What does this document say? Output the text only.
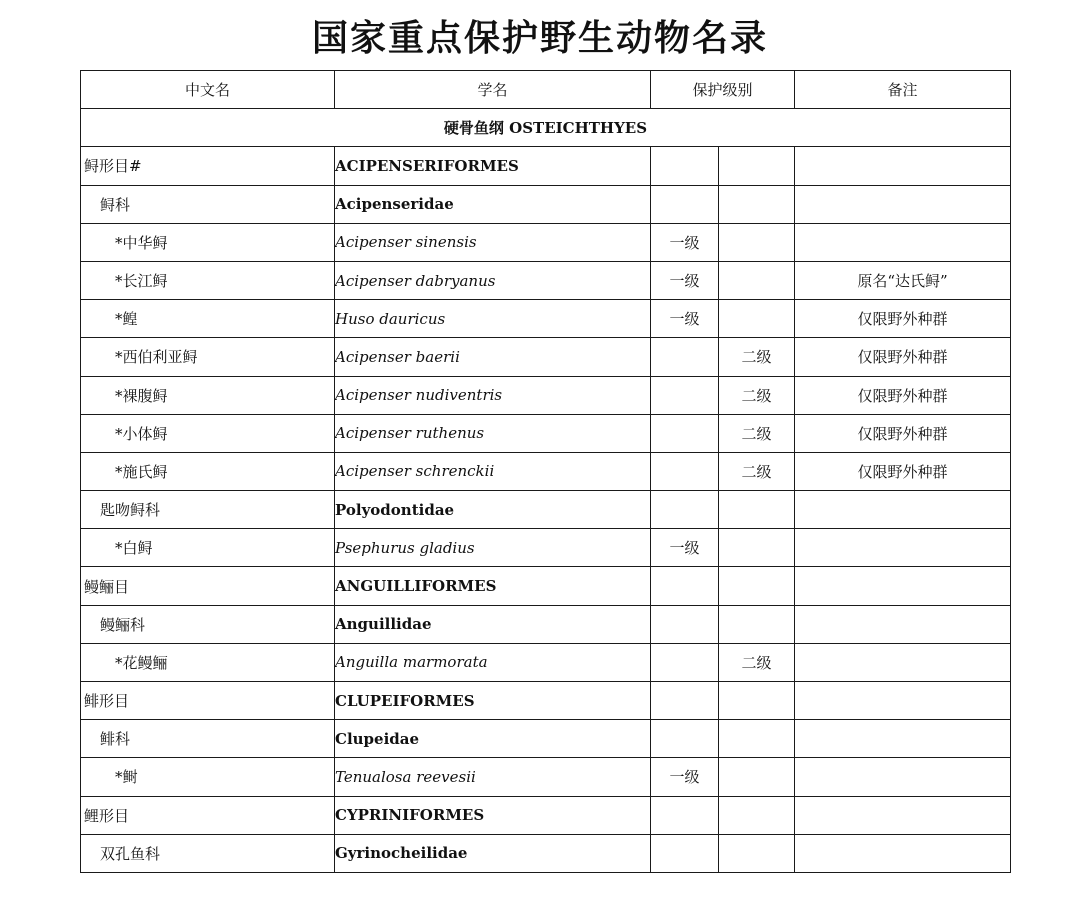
国家重点保护野生动物名录
中文名	学名	保护级别		备注
硬骨鱼纲 OSTEICHTHYES				
鲟形目#	ACIPENSERIFORMES			
鲟科	Acipenseridae			
*中华鲟	Acipenser sinensis	一级		
*长江鲟	Acipenser dabryanus	一级		原名“达氏鲟”
*鳇	Huso dauricus	一级		仅限野外种群
*西伯利亚鲟	Acipenser baerii		二级	仅限野外种群
*裸腹鲟	Acipenser nudiventris		二级	仅限野外种群
*小体鲟	Acipenser ruthenus		二级	仅限野外种群
*施氏鲟	Acipenser schrenckii		二级	仅限野外种群
匙吻鲟科	Polyodontidae			
*白鲟	Psephurus gladius	一级		
鳗鲡目	ANGUILLIFORMES			
鳗鲡科	Anguillidae			
*花鳗鲡	Anguilla marmorata		二级	
鲱形目	CLUPEIFORMES			
鲱科	Clupeidae			
*鲥	Tenualosa reevesii	一级		
鲤形目	CYPRINIFORMES			
双孔鱼科	Gyrinocheilidae			
